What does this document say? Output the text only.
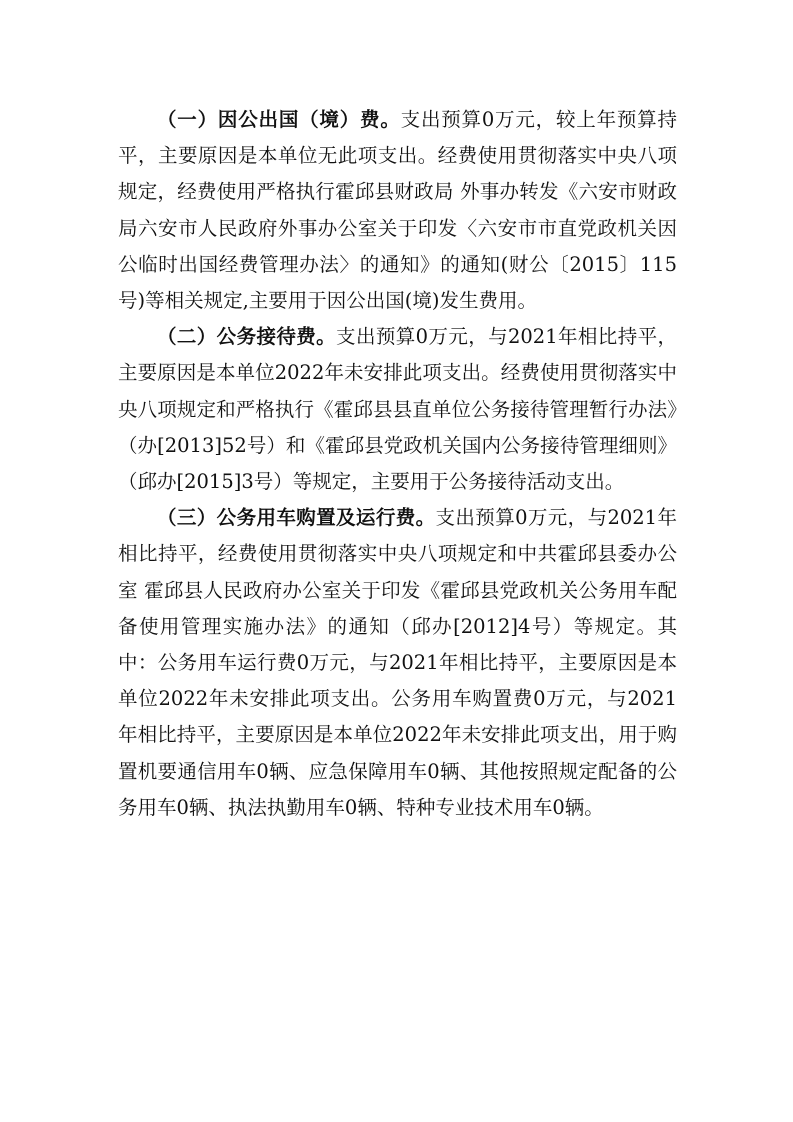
（一）因公出国（境）费。支出预算0万元，较上年预算持平，主要原因是本单位无此项支出。经费使用贯彻落实中央八项规定，经费使用严格执行霍邱县财政局 外事办转发《六安市财政局六安市人民政府外事办公室关于印发〈六安市市直党政机关因公临时出国经费管理办法〉的通知》的通知(财公〔2015〕115号)等相关规定,主要用于因公出国(境)发生费用。

（二）公务接待费。支出预算0万元，与2021年相比持平，主要原因是本单位2022年未安排此项支出。经费使用贯彻落实中央八项规定和严格执行《霍邱县县直单位公务接待管理暂行办法》（办[2013]52号）和《霍邱县党政机关国内公务接待管理细则》（邱办[2015]3号）等规定，主要用于公务接待活动支出。

（三）公务用车购置及运行费。支出预算0万元，与2021年相比持平，经费使用贯彻落实中央八项规定和中共霍邱县委办公室 霍邱县人民政府办公室关于印发《霍邱县党政机关公务用车配备使用管理实施办法》的通知（邱办[2012]4号）等规定。其中：公务用车运行费0万元，与2021年相比持平，主要原因是本单位2022年未安排此项支出。公务用车购置费0万元，与2021年相比持平，主要原因是本单位2022年未安排此项支出，用于购置机要通信用车0辆、应急保障用车0辆、其他按照规定配备的公务用车0辆、执法执勤用车0辆、特种专业技术用车0辆。
